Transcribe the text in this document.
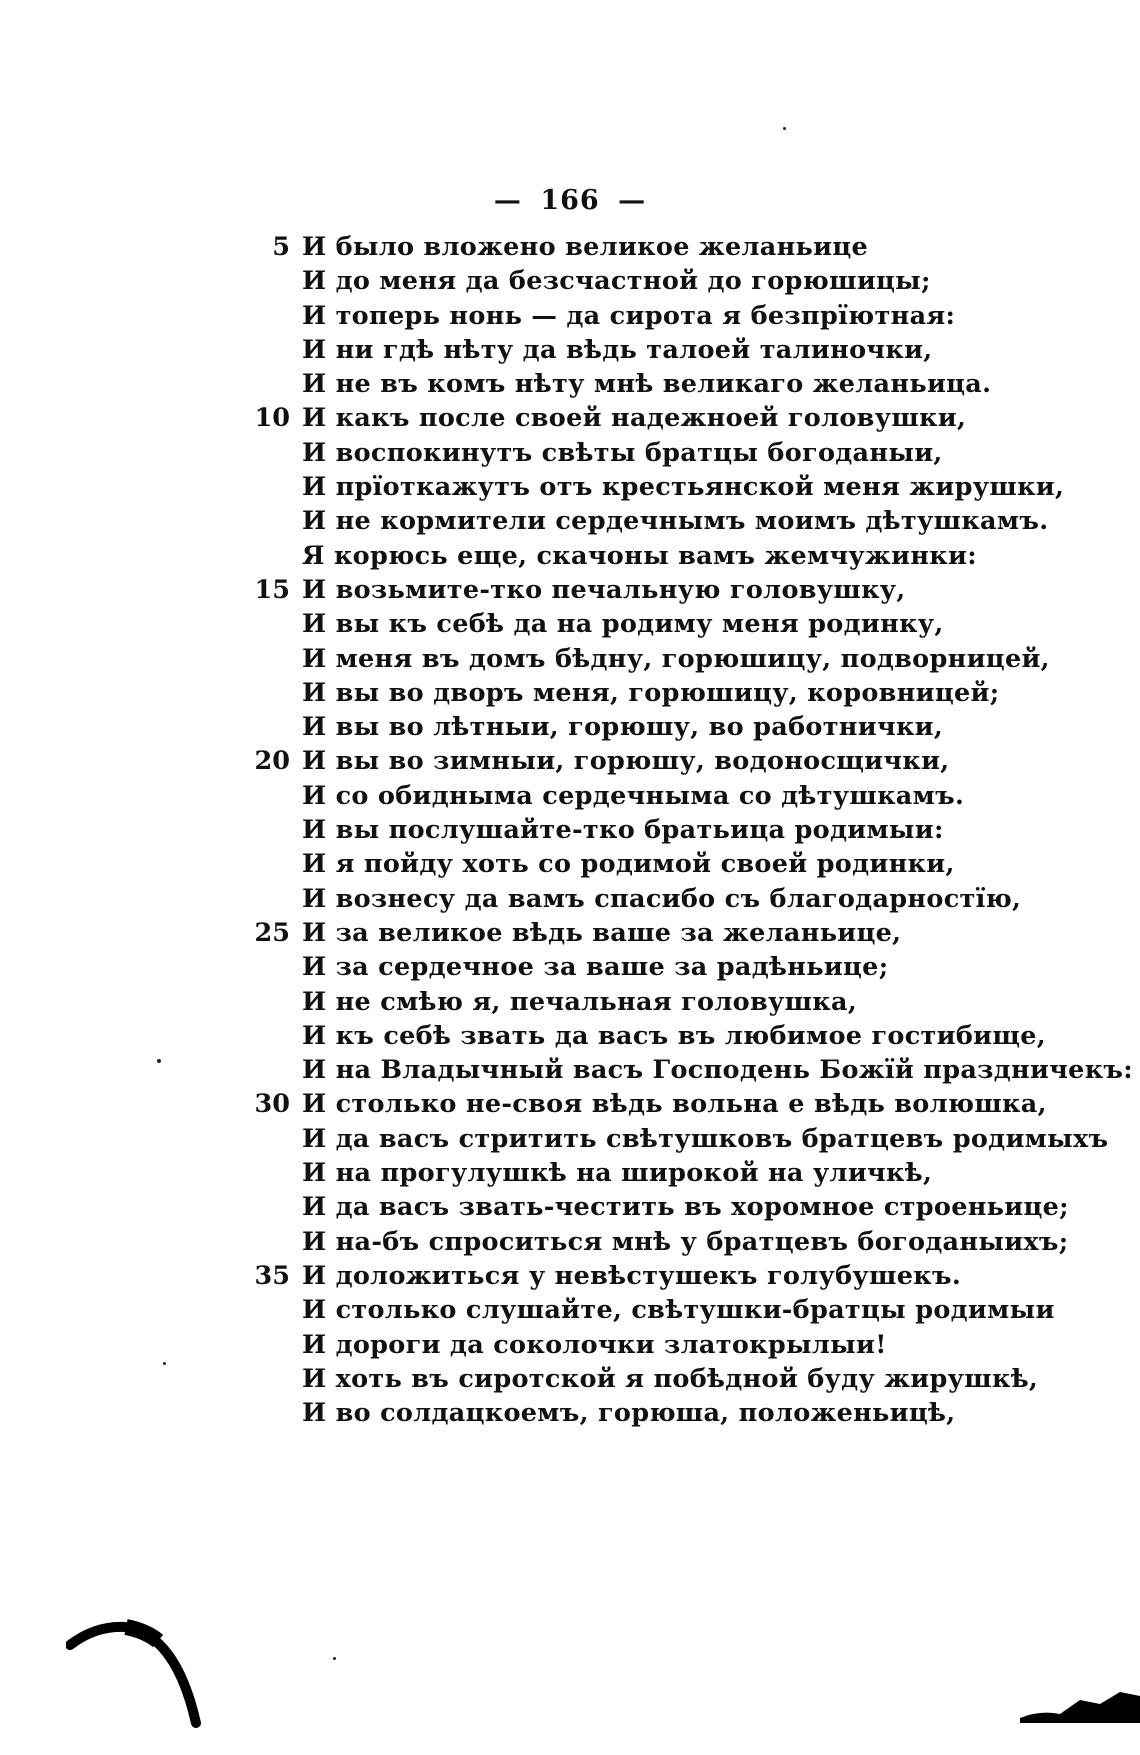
— 166 —
5 И было вложено великое желаньице
И до меня да безсчастной до горюшицы;
И топерь нонь — да сирота я безпрїютная:
И ни гдѣ нѣту да вѣдь талоей талиночки,
И не въ комъ нѣту мнѣ великаго желаньица.
10 И какъ после своей надежноей головушки,
И воспокинутъ свѣты братцы богоданыи,
И прїоткажутъ отъ крестьянской меня жирушки,
И не кормители сердечнымъ моимъ дѣтушкамъ.
Я корюсь еще, скачоны вамъ жемчужинки:
15 И возьмите-тко печальную головушку,
И вы къ себѣ да на родиму меня родинку,
И меня въ домъ бѣдну, горюшицу, подворницей,
И вы во дворъ меня, горюшицу, коровницей;
И вы во лѣтныи, горюшу, во работнички,
20 И вы во зимныи, горюшу, водоносщички,
И со обидныма сердечныма со дѣтушкамъ.
И вы послушайте-тко братьица родимыи:
И я пойду хоть со родимой своей родинки,
И вознесу да вамъ спасибо съ благодарностїю,
25 И за великое вѣдь ваше за желаньице,
И за сердечное за ваше за радѣньице;
И не смѣю я, печальная головушка,
И къ себѣ звать да васъ въ любимое гостибище,
И на Владычный васъ Господень Божїй праздничекъ:
30 И столько не-своя вѣдь вольна е вѣдь волюшка,
И да васъ стритить свѣтушковъ братцевъ родимыхъ
И на прогулушкѣ на широкой на уличкѣ,
И да васъ звать-честить въ хоромное строеньице;
И на-бъ спроситься мнѣ у братцевъ богоданыихъ;
35 И доложиться у невѣстушекъ голубушекъ.
И столько слушайте, свѣтушки-братцы родимыи
И дороги да соколочки златокрылыи!
И хоть въ сиротской я побѣдной буду жирушкѣ,
И во солдацкоемъ, горюша, положеньицѣ,
